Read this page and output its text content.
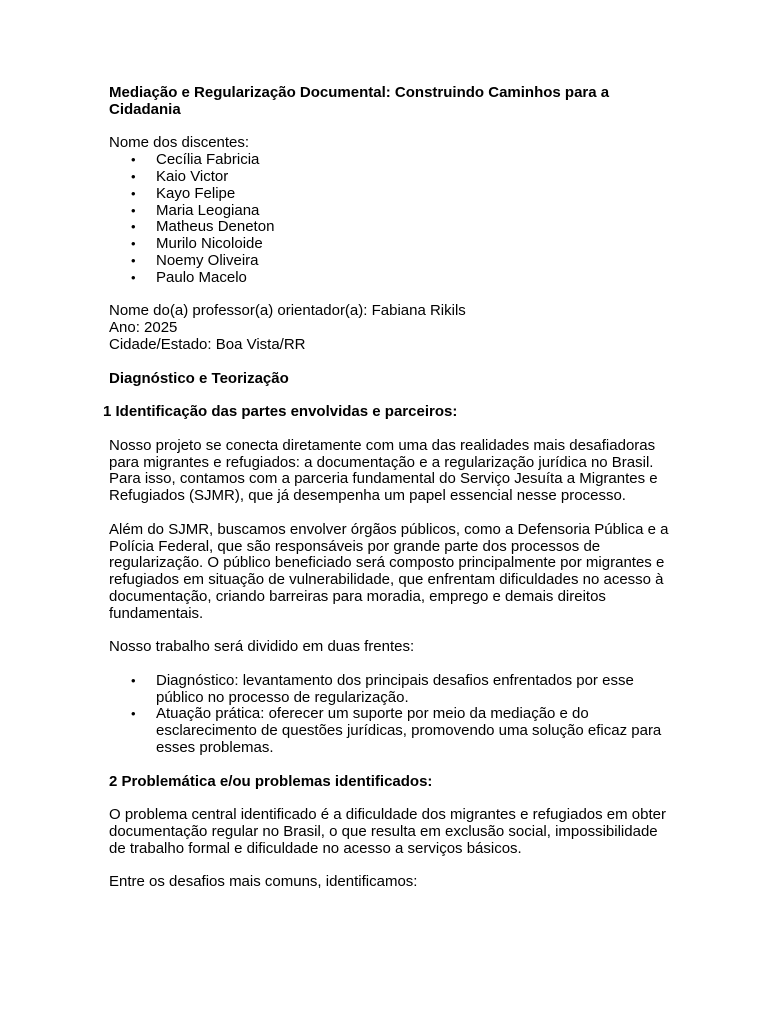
Mediação e Regularização Documental: Construindo Caminhos para a Cidadania

Nome dos discentes:

• Cecília Fabricia
• Kaio Victor
• Kayo Felipe
• Maria Leogiana
• Matheus Deneton
• Murilo Nicoloide
• Noemy Oliveira
• Paulo Macelo

Nome do(a) professor(a) orientador(a): Fabiana Rikils

Ano: 2025

Cidade/Estado: Boa Vista/RR

Diagnóstico e Teorização

1 Identificação das partes envolvidas e parceiros:

Nosso projeto se conecta diretamente com uma das realidades mais desafiadoras para migrantes e refugiados: a documentação e a regularização jurídica no Brasil. Para isso, contamos com a parceria fundamental do Serviço Jesuíta a Migrantes e Refugiados (SJMR), que já desempenha um papel essencial nesse processo.

Além do SJMR, buscamos envolver órgãos públicos, como a Defensoria Pública e a Polícia Federal, que são responsáveis por grande parte dos processos de regularização. O público beneficiado será composto principalmente por migrantes e refugiados em situação de vulnerabilidade, que enfrentam dificuldades no acesso à documentação, criando barreiras para moradia, emprego e demais direitos fundamentais.

Nosso trabalho será dividido em duas frentes:

• Diagnóstico: levantamento dos principais desafios enfrentados por esse público no processo de regularização.
• Atuação prática: oferecer um suporte por meio da mediação e do esclarecimento de questões jurídicas, promovendo uma solução eficaz para esses problemas.

2 Problemática e/ou problemas identificados:

O problema central identificado é a dificuldade dos migrantes e refugiados em obter documentação regular no Brasil, o que resulta em exclusão social, impossibilidade de trabalho formal e dificuldade no acesso a serviços básicos.

Entre os desafios mais comuns, identificamos:
